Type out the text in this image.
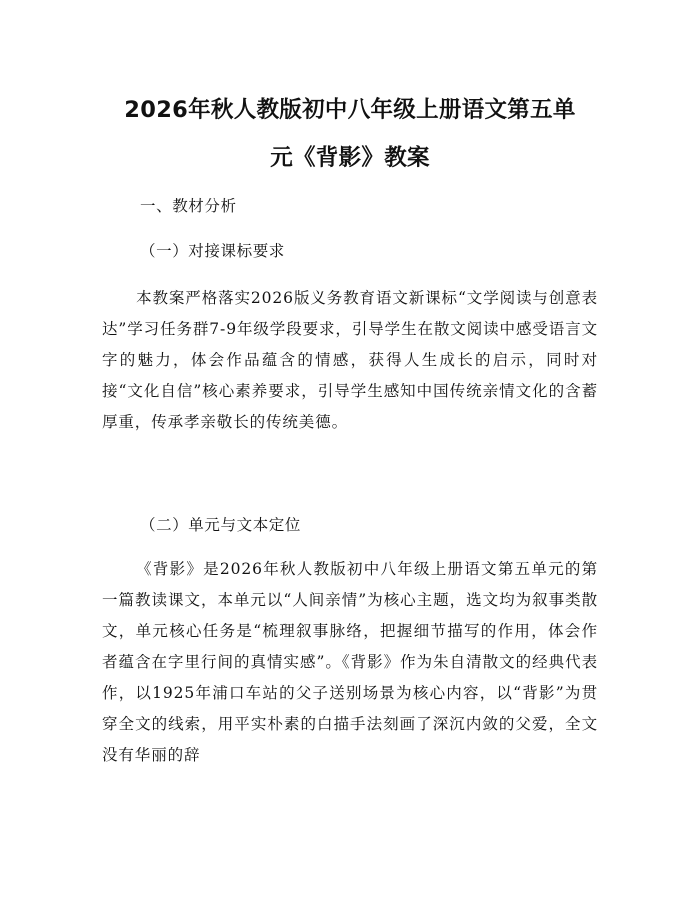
2026年秋人教版初中八年级上册语文第五单
元《背影》教案
一、教材分析
（一）对接课标要求

本教案严格落实2026版义务教育语文新课标“文学阅读与创意表达”学习任务群7-9年级学段要求，引导学生在散文阅读中感受语言文字的魅力，体会作品蕴含的情感，获得人生成长的启示，同时对接“文化自信”核心素养要求，引导学生感知中国传统亲情文化的含蓄厚重，传承孝亲敬长的传统美德。

（二）单元与文本定位

《背影》是2026年秋人教版初中八年级上册语文第五单元的第一篇教读课文，本单元以“人间亲情”为核心主题，选文均为叙事类散文，单元核心任务是“梳理叙事脉络，把握细节描写的作用，体会作者蕴含在字里行间的真情实感”。《背影》作为朱自清散文的经典代表作，以1925年浦口车站的父子送别场景为核心内容，以“背影”为贯穿全文的线索，用平实朴素的白描手法刻画了深沉内敛的父爱，全文没有华丽的辞
